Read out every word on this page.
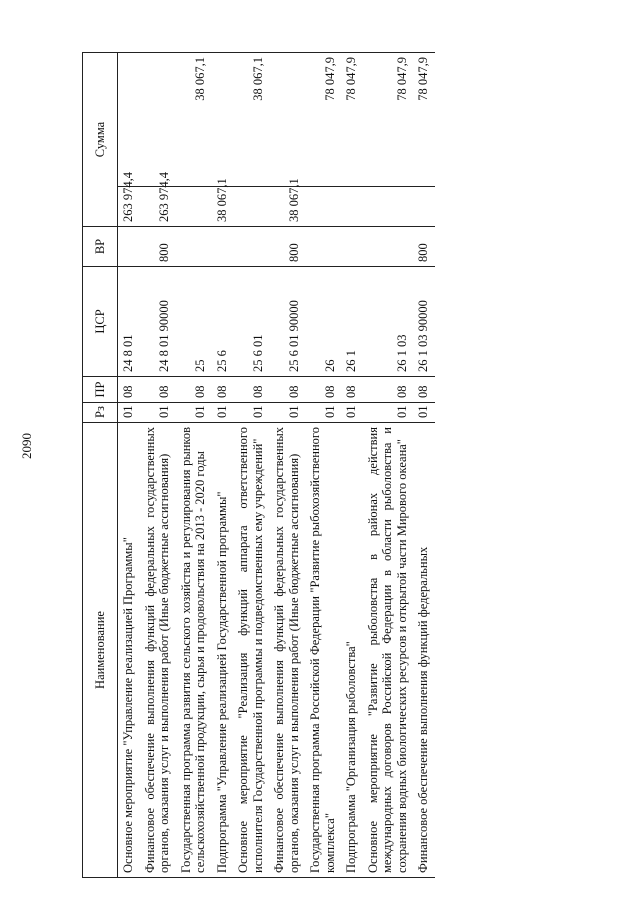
2090
Наименование	Рз	ПР	ЦСР	ВР	Сумма	
Основное мероприятие "Управление реализацией Программы"	01	08	24 8 01		263 974,4	
Финансовое обеспечение выполнения функций федеральных государственных органов, оказания услуг и выполнения работ (Иные бюджетные ассигнования)	01	08	24 8 01 90000	800	263 974,4	
Государственная программа развития сельского хозяйства и регулирования рынков сельскохозяйственной продукции, сырья и продовольствия на 2013 - 2020 годы	01	08	25			38 067,1
Подпрограмма "Управление реализацией Государственной программы"	01	08	25 6		38 067,1	
Основное мероприятие "Реализация функций аппарата ответственного исполнителя Государственной программы и подведомственных ему учреждений"	01	08	25 6 01			38 067,1
Финансовое обеспечение выполнения функций федеральных государственных органов, оказания услуг и выполнения работ (Иные бюджетные ассигнования)	01	08	25 6 01 90000	800	38 067,1	
Государственная программа Российской Федерации "Развитие рыбохозяйственного комплекса"	01	08	26			78 047,9
Подпрограмма "Организация рыболовства"	01	08	26 1			78 047,9
Основное мероприятие "Развитие рыболовства в районах действия международных договоров Российской Федерации в области рыболовства и сохранения водных биологических ресурсов и открытой части Мирового океана"	01	08	26 1 03			78 047,9
Финансовое обеспечение выполнения функций федеральных	01	08	26 1 03 90000	800		78 047,9
